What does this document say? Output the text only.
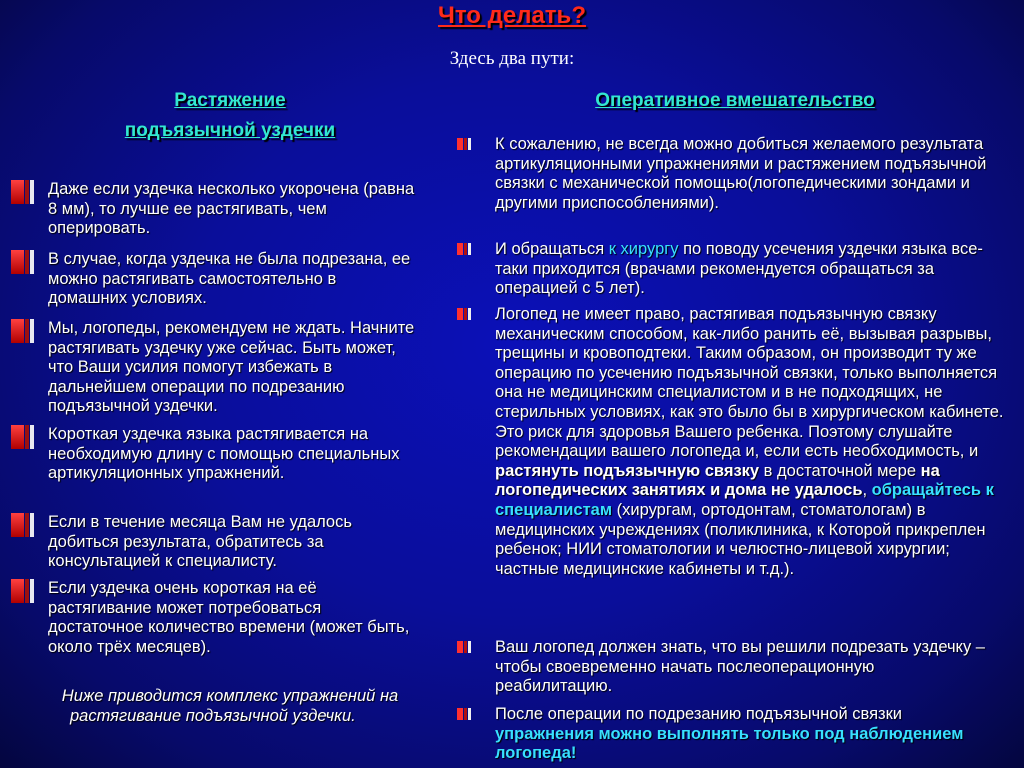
Что делать?
Здесь два пути:
Растяжение
подъязычной уздечки
Даже если уздечка несколько укорочена (равна 8 мм), то лучше ее растягивать, чем оперировать.
В случае, когда уздечка не была подрезана, ее можно растягивать самостоятельно в домашних условиях.
Мы, логопеды, рекомендуем не ждать. Начните растягивать уздечку уже сейчас. Быть может, что Ваши усилия помогут избежать в дальнейшем операции по подрезанию подъязычной уздечки.
Короткая уздечка языка растягивается на необходимую длину с помощью специальных артикуляционных упражнений.
Если в течение месяца Вам не удалось добиться результата, обратитесь за консультацией к специалисту.
Если уздечка очень короткая на её растягивание может потребоваться достаточное количество времени (может быть, около трёх месяцев).
Ниже приводится комплекс упражнений на
растягивание подъязычной уздечки.
Оперативное вмешательство
К сожалению, не всегда можно добиться желаемого результата артикуляционными упражнениями и растяжением подъязычной связки с механической помощью(логопедическими зондами и другими приспособлениями).
И обращаться к хирургу по поводу усечения уздечки языка все-таки приходится (врачами рекомендуется обращаться за операцией с 5 лет).
Логопед не имеет право, растягивая подъязычную связку механическим способом, как-либо ранить её, вызывая разрывы, трещины и кровоподтеки. Таким образом, он производит ту же операцию по усечению подъязычной связки, только выполняется она не медицинским специалистом и в не подходящих, не стерильных условиях, как это было бы в хирургическом кабинете. Это риск для здоровья Вашего ребенка. Поэтому слушайте рекомендации вашего логопеда и, если есть необходимость, и растянуть подъязычную связку в достаточной мере на логопедических занятиях и дома не удалось, обращайтесь к специалистам (хирургам, ортодонтам, стоматологам) в медицинских учреждениях (поликлиника, к Которой прикреплен ребенок; НИИ стоматологии и челюстно-лицевой хирургии; частные медицинские кабинеты и т.д.).
Ваш логопед должен знать, что вы решили подрезать уздечку –чтобы своевременно начать послеоперационную реабилитацию.
После операции по подрезанию подъязычной связки упражнения можно выполнять только под наблюдением логопеда!
